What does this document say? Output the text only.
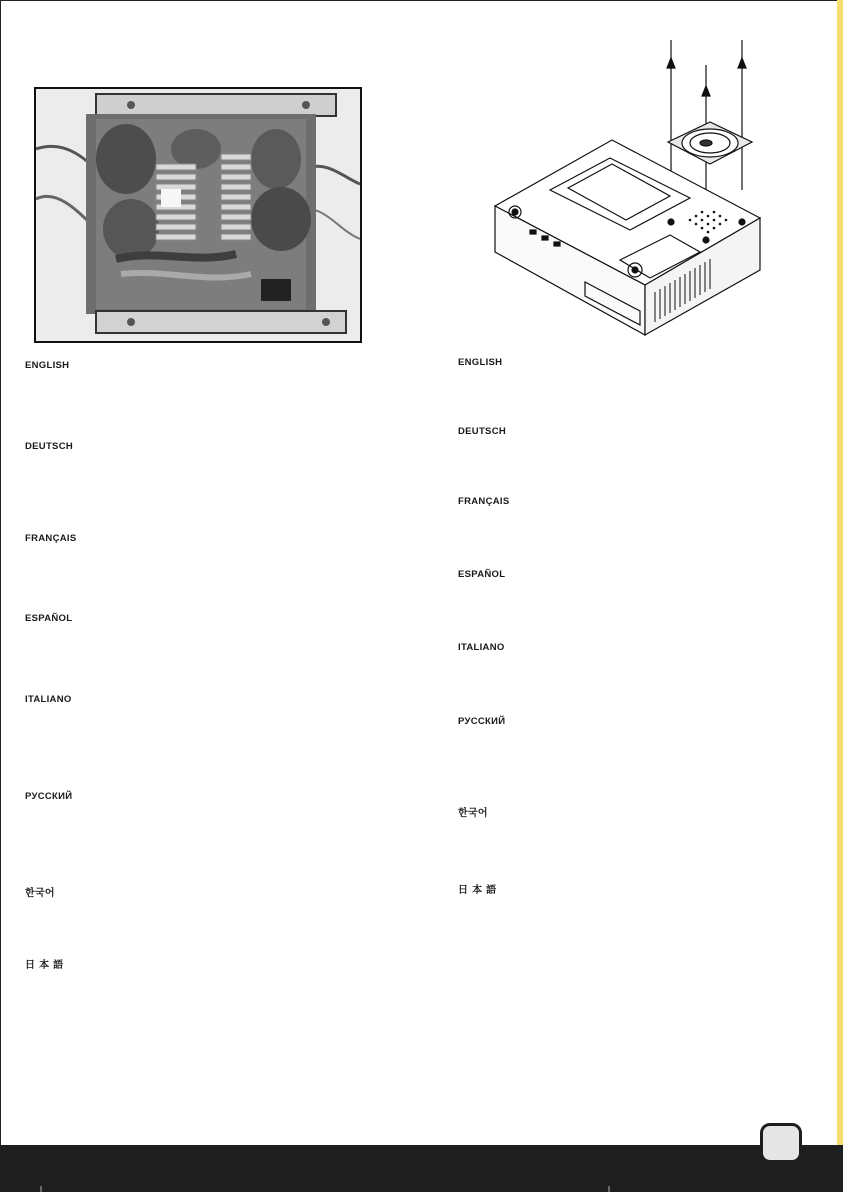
ENGLISH
DEUTSCH
FRANÇAIS
ESPAÑOL
ITALIANO
РУССКИЙ
한국어
日 本 語
ENGLISH
DEUTSCH
FRANÇAIS
ESPAÑOL
ITALIANO
РУССКИЙ
한국어
日 本 語
